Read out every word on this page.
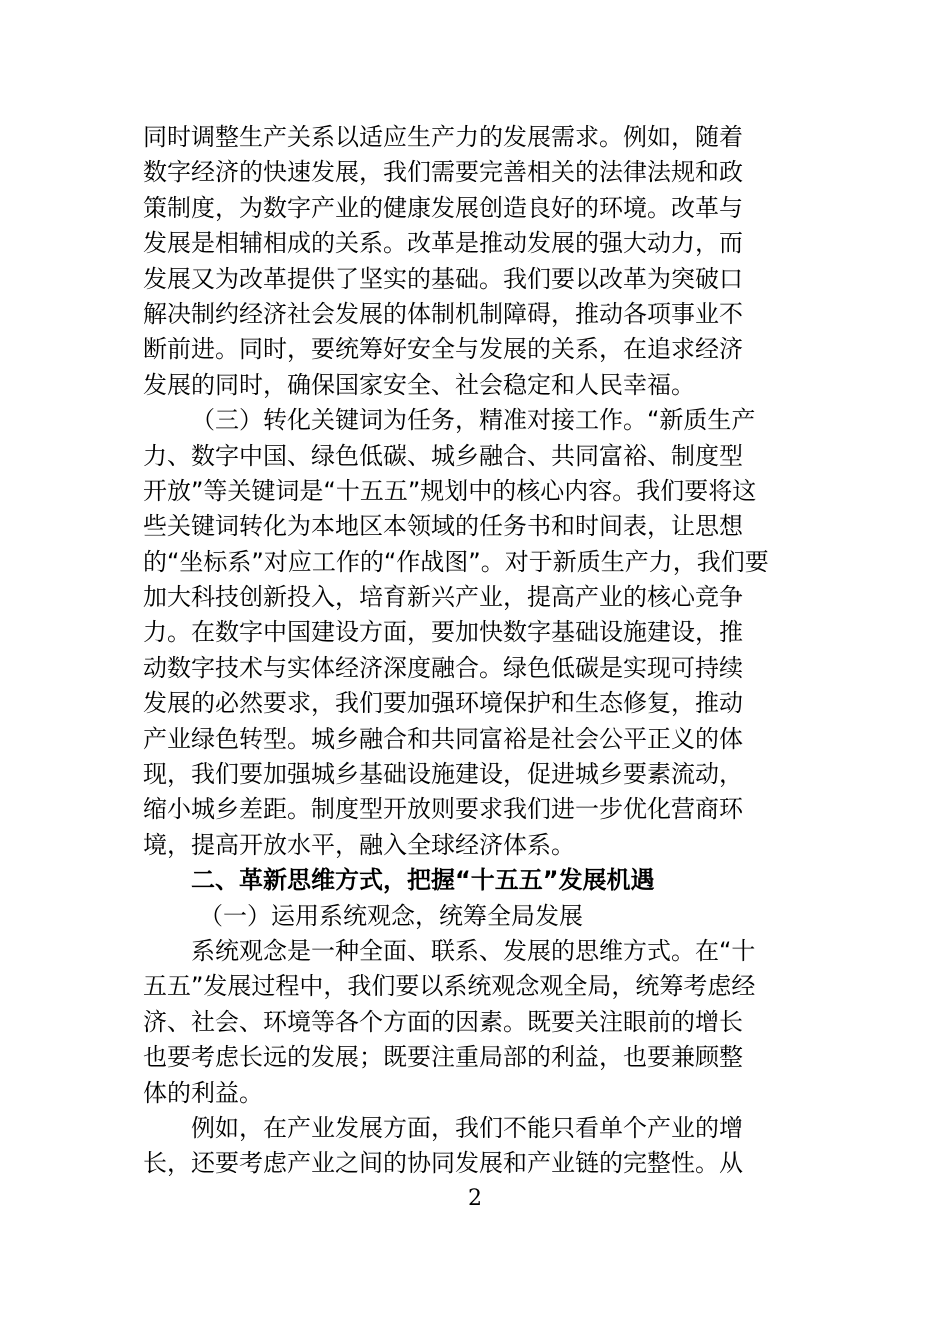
同时调整生产关系以适应生产力的发展需求。例如，随着
数字经济的快速发展，我们需要完善相关的法律法规和政
策制度，为数字产业的健康发展创造良好的环境。改革与
发展是相辅相成的关系。改革是推动发展的强大动力，而
发展又为改革提供了坚实的基础。我们要以改革为突破口
解决制约经济社会发展的体制机制障碍，推动各项事业不
断前进。同时，要统筹好安全与发展的关系，在追求经济
发展的同时，确保国家安全、社会稳定和人民幸福。
（三）转化关键词为任务，精准对接工作。“新质生产
力、数字中国、绿色低碳、城乡融合、共同富裕、制度型
开放”等关键词是“十五五”规划中的核心内容。我们要将这
些关键词转化为本地区本领域的任务书和时间表，让思想
的“坐标系”对应工作的“作战图”。对于新质生产力，我们要
加大科技创新投入，培育新兴产业，提高产业的核心竞争
力。在数字中国建设方面，要加快数字基础设施建设，推
动数字技术与实体经济深度融合。绿色低碳是实现可持续
发展的必然要求，我们要加强环境保护和生态修复，推动
产业绿色转型。城乡融合和共同富裕是社会公平正义的体
现，我们要加强城乡基础设施建设，促进城乡要素流动，
缩小城乡差距。制度型开放则要求我们进一步优化营商环
境，提高开放水平，融入全球经济体系。
二、革新思维方式，把握“十五五”发展机遇
（一）运用系统观念，统筹全局发展
系统观念是一种全面、联系、发展的思维方式。在“十
五五”发展过程中，我们要以系统观念观全局，统筹考虑经
济、社会、环境等各个方面的因素。既要关注眼前的增长
也要考虑长远的发展；既要注重局部的利益，也要兼顾整
体的利益。
例如，在产业发展方面，我们不能只看单个产业的增
长，还要考虑产业之间的协同发展和产业链的完整性。从
2
